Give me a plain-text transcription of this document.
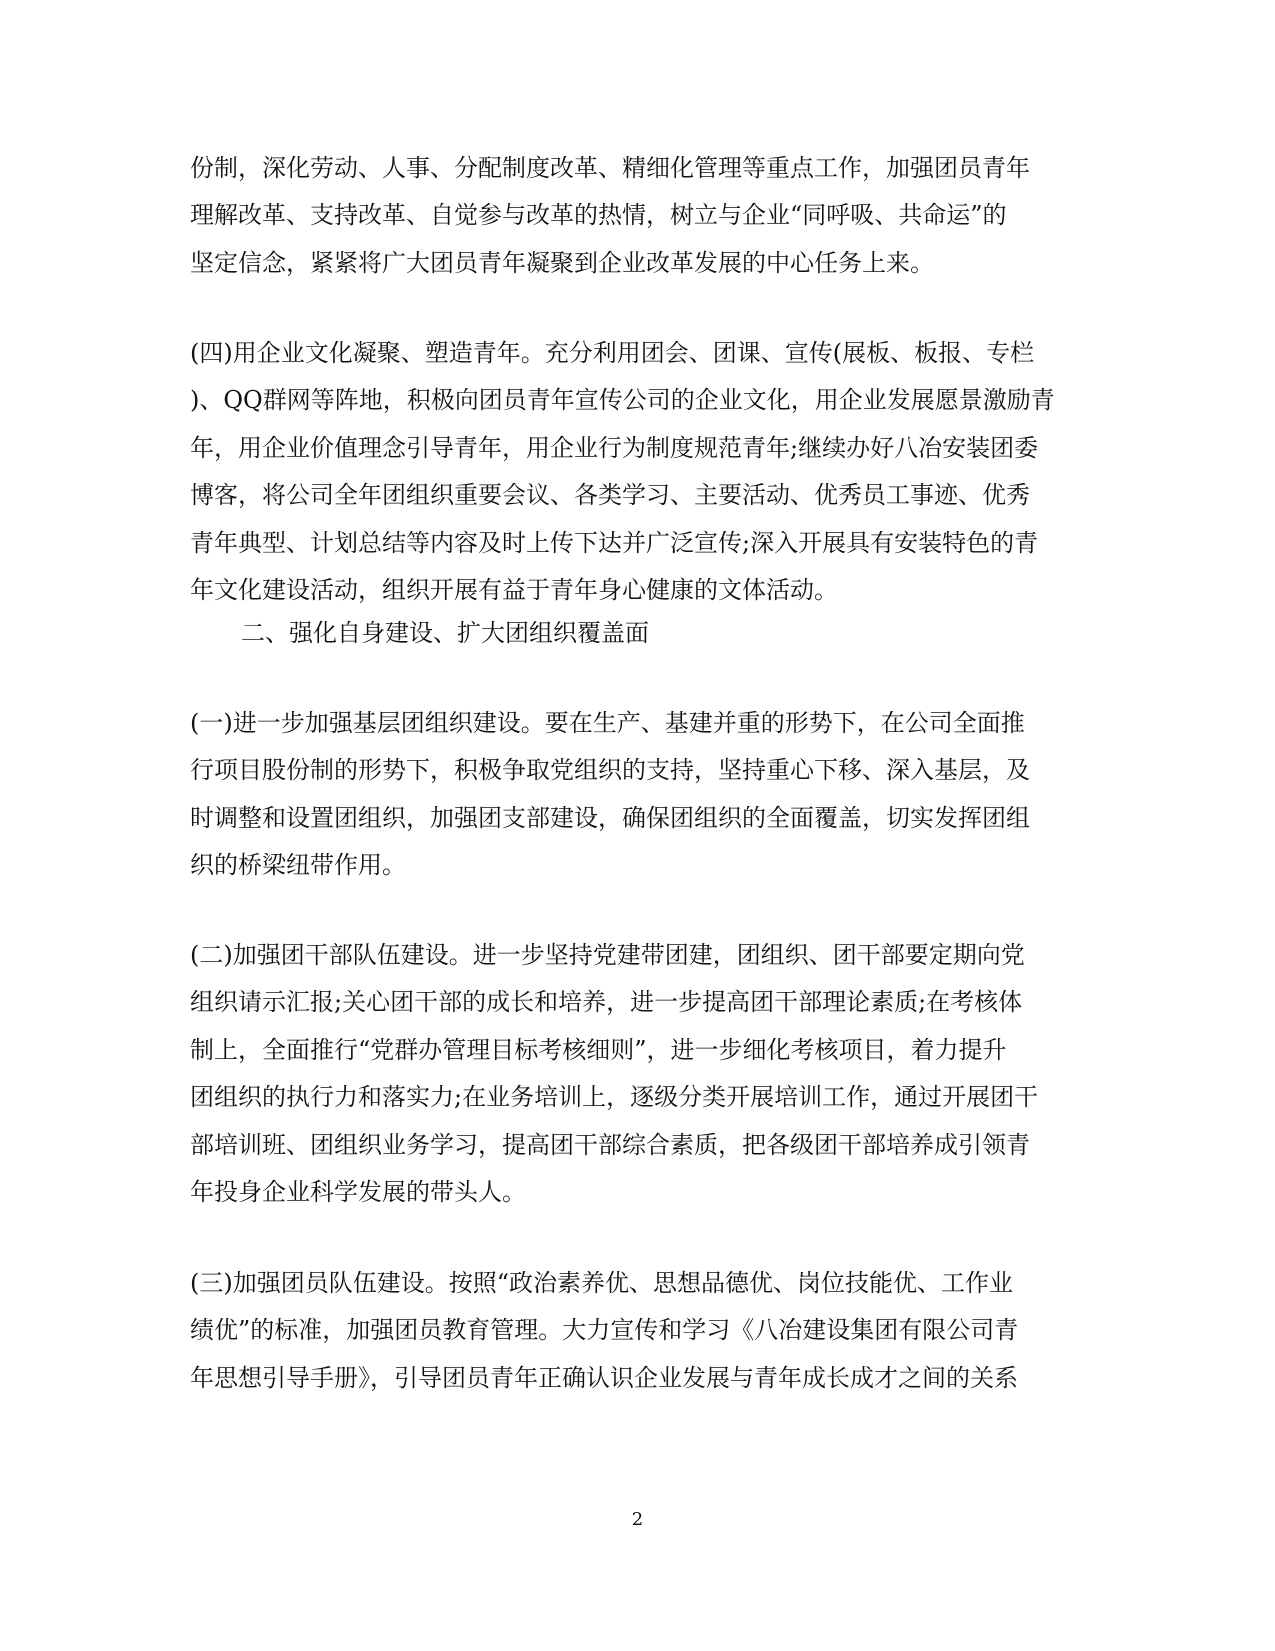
份制，深化劳动、人事、分配制度改革、精细化管理等重点工作，加强团员青年
理解改革、支持改革、自觉参与改革的热情，树立与企业“同呼吸、共命运”的
坚定信念，紧紧将广大团员青年凝聚到企业改革发展的中心任务上来。
(四)用企业文化凝聚、塑造青年。充分利用团会、团课、宣传(展板、板报、专栏
)、QQ群网等阵地，积极向团员青年宣传公司的企业文化，用企业发展愿景激励青
年，用企业价值理念引导青年，用企业行为制度规范青年;继续办好八冶安装团委
博客，将公司全年团组织重要会议、各类学习、主要活动、优秀员工事迹、优秀
青年典型、计划总结等内容及时上传下达并广泛宣传;深入开展具有安装特色的青
年文化建设活动，组织开展有益于青年身心健康的文体活动。
二、强化自身建设、扩大团组织覆盖面
(一)进一步加强基层团组织建设。要在生产、基建并重的形势下，在公司全面推
行项目股份制的形势下，积极争取党组织的支持，坚持重心下移、深入基层，及
时调整和设置团组织，加强团支部建设，确保团组织的全面覆盖，切实发挥团组
织的桥梁纽带作用。
(二)加强团干部队伍建设。进一步坚持党建带团建，团组织、团干部要定期向党
组织请示汇报;关心团干部的成长和培养，进一步提高团干部理论素质;在考核体
制上，全面推行“党群办管理目标考核细则”，进一步细化考核项目，着力提升
团组织的执行力和落实力;在业务培训上，逐级分类开展培训工作，通过开展团干
部培训班、团组织业务学习，提高团干部综合素质，把各级团干部培养成引领青
年投身企业科学发展的带头人。
(三)加强团员队伍建设。按照“政治素养优、思想品德优、岗位技能优、工作业
绩优”的标准，加强团员教育管理。大力宣传和学习《八冶建设集团有限公司青
年思想引导手册》，引导团员青年正确认识企业发展与青年成长成才之间的关系
2
